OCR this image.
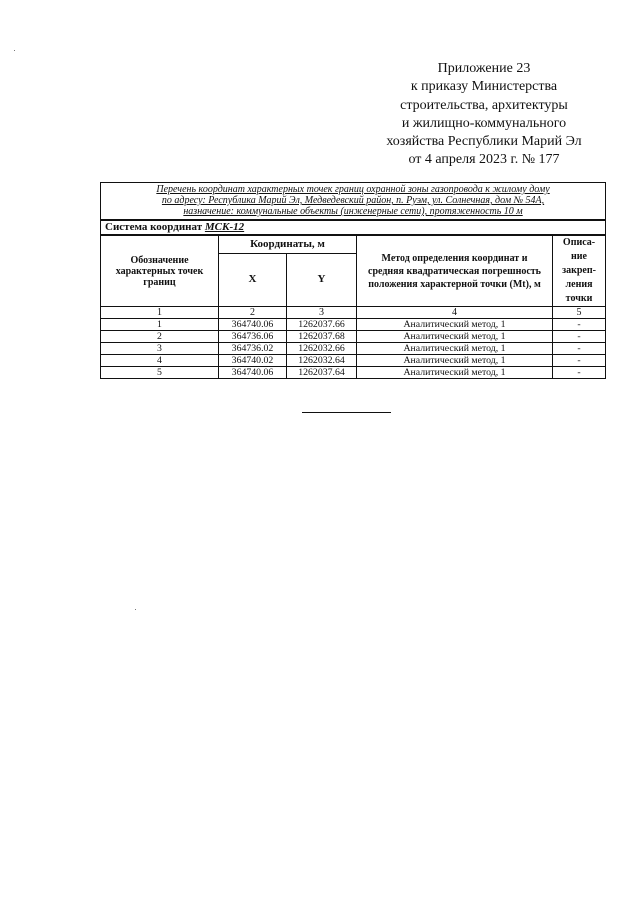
Приложение 23
к приказу Министерства
строительства, архитектуры
и жилищно-коммунального
хозяйства Республики Марий Эл
от 4 апреля 2023 г. № 177
Перечень координат характерных точек границ охранной зоны газопровода к жилому дому
по адресу: Республика Марий Эл, Медведевский район, п. Руэм, ул. Солнечная, дом № 54А,
назначение: коммунальные объекты (инженерные сети), протяженность 10 м				

Система координат МСК-12				
Обозначение характерных точек границ	Координаты, м		Метод определения координат и средняя квадратическая погрешность положения характерной точки (Mt), м	Описа-ние закреп-ления точки
	X	Y		
1	2	3	4	5
1	364740.06	1262037.66	Аналитический метод, 1	-
2	364736.06	1262037.68	Аналитический метод, 1	-
3	364736.02	1262032.66	Аналитический метод, 1	-
4	364740.02	1262032.64	Аналитический метод, 1	-
5	364740.06	1262037.64	Аналитический метод, 1	-
